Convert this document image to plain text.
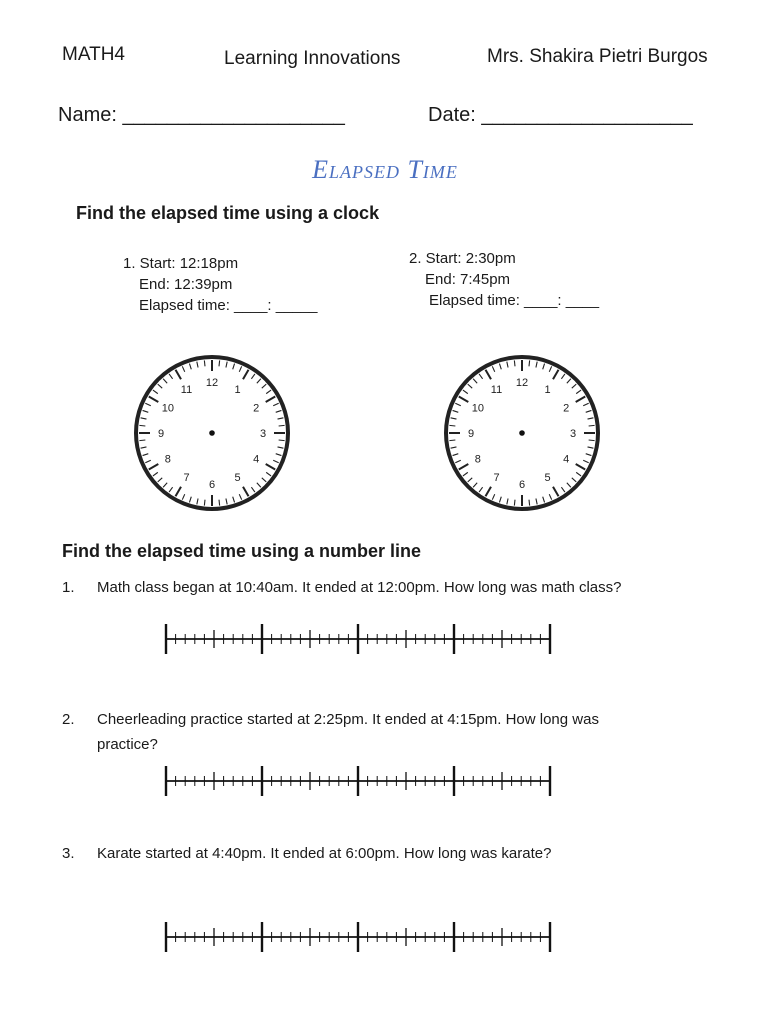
MATH4	Learning Innovations	Mrs. Shakira Pietri Burgos
Name: ____________________	Date: ___________________
Elapsed Time
Find the elapsed time using a clock
1. Start: 12:18pm
End: 12:39pm
Elapsed time: ____: _____
2. Start: 2:30pm
End: 7:45pm
Elapsed time: ____: ____
12
1
2
3
4
5
6
7
8
9
10
11
12
1
2
3
4
5
6
7
8
9
10
11
Find the elapsed time using a number line
1. Math class began at 10:40am. It ended at 12:00pm. How long was math class?
2. Cheerleading practice started at 2:25pm. It ended at 4:15pm. How long was
practice?
3. Karate started at 4:40pm. It ended at 6:00pm. How long was karate?
